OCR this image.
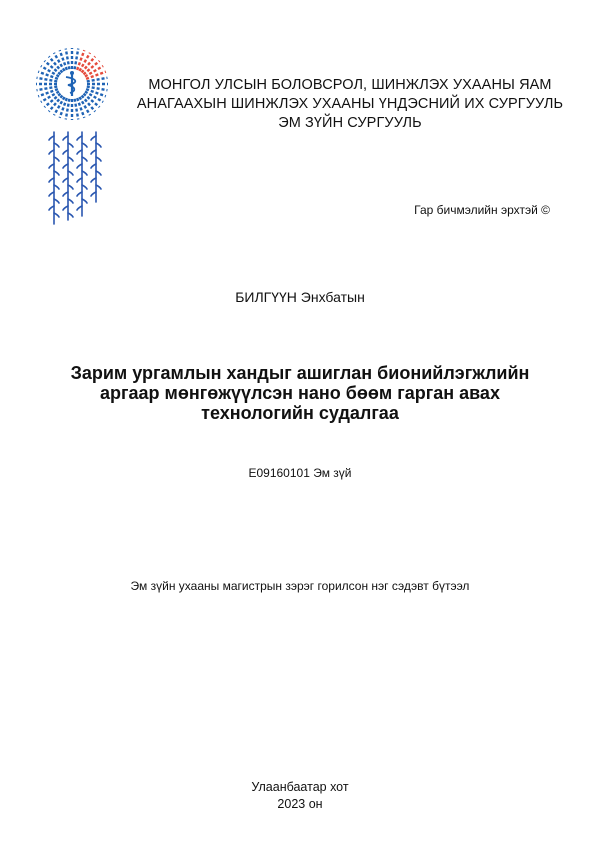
МОНГОЛ УЛСЫН БОЛОВСРОЛ, ШИНЖЛЭХ УХААНЫ ЯАМ
АНАГААХЫН ШИНЖЛЭХ УХААНЫ ҮНДЭСНИЙ ИХ СУРГУУЛЬ
ЭМ ЗҮЙН СУРГУУЛЬ
Гар бичмэлийн эрхтэй ©
БИЛГҮҮН Энхбатын
Зарим ургамлын хандыг ашиглан бионийлэгжлийн
аргаар мөнгөжүүлсэн нано бөөм гарган авах
технологийн судалгаа
E09160101 Эм зүй
Эм зүйн ухааны магистрын зэрэг горилсон нэг сэдэвт бүтээл
Улаанбаатар хот
2023 он
